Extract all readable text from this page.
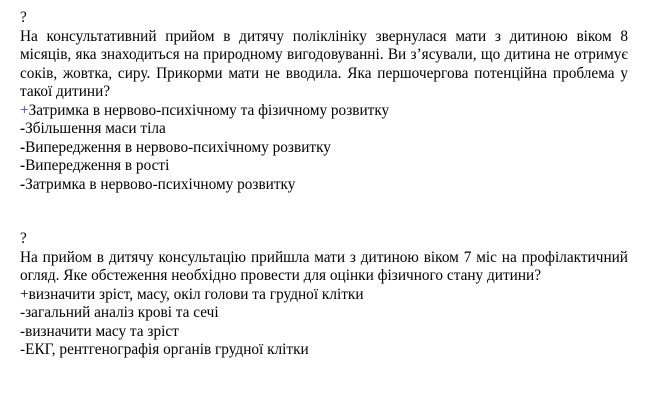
?
На консультативний прийом в дитячу поліклініку звернулася мати з дитиною віком 8 місяців, яка знаходиться на природному вигодовуванні. Ви з’ясували, що дитина не отримує соків, жовтка, сиру. Прикорми мати не вводила. Яка першочергова потенційна проблема у такої дитини?
+Затримка в нервово-психічному та фізичному розвитку
-Збільшення маси тіла
-Випередження в нервово-психічному розвитку
-Випередження в рості
-Затримка в нервово-психічному розвитку
?
На прийом в дитячу консультацію прийшла мати з дитиною віком 7 міс на профілактичний огляд. Яке обстеження необхідно провести для оцінки фізичного стану дитини?
+визначити зріст, масу, окіл голови та грудної клітки
-загальний аналіз крові та сечі
-визначити масу та зріст
-ЕКГ, рентгенографія органів грудної клітки
